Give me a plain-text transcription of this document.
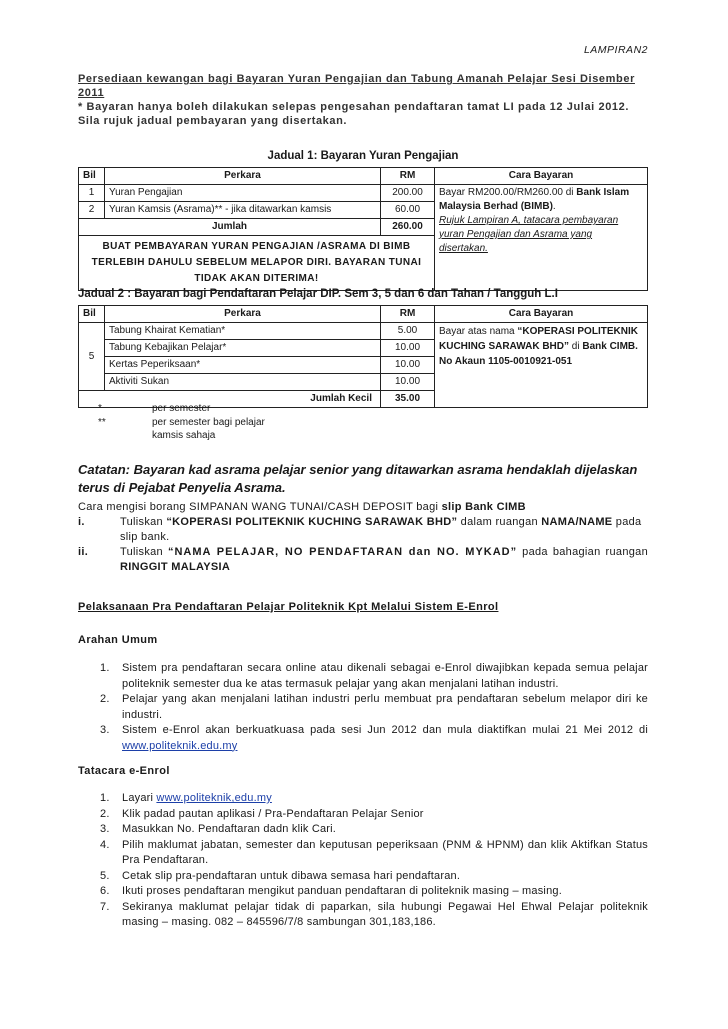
LAMPIRAN2
Persediaan kewangan bagi Bayaran Yuran Pengajian dan Tabung Amanah Pelajar Sesi Disember 2011
* Bayaran hanya boleh dilakukan selepas pengesahan pendaftaran tamat LI pada 12 Julai 2012. Sila rujuk jadual pembayaran yang disertakan.
Jadual 1: Bayaran Yuran Pengajian
Bil	Perkara	RM	Cara Bayaran
1	Yuran Pengajian	200.00	Bayar RM200.00/RM260.00 di Bank Islam Malaysia Berhad (BIMB).
Rujuk Lampiran A, tatacara pembayaran yuran Pengajian dan Asrama yang disertakan.
2	Yuran Kamsis (Asrama)** - jika ditawarkan kamsis	60.00	
Jumlah		260.00	
BUAT PEMBAYARAN YURAN PENGAJIAN /ASRAMA DI BIMB TERLEBIH DAHULU SEBELUM MELAPOR DIRI. BAYARAN TUNAI TIDAK AKAN DITERIMA!			
Jadual 2 : Bayaran bagi Pendaftaran Pelajar DIP. Sem 3, 5 dan 6 dan Tahan / Tangguh L.I
Bil	Perkara	RM	Cara Bayaran
5	Tabung Khairat Kematian*	5.00	Bayar atas nama “KOPERASI POLITEKNIK KUCHING SARAWAK BHD” di Bank CIMB.
No Akaun 1105-0010921-051
	Tabung Kebajikan Pelajar*	10.00	
	Kertas Peperiksaan*	10.00	
	Aktiviti Sukan	10.00	
Jumlah Kecil		35.00	
*	per semester
**	per semester bagi pelajar
kamsis sahaja
Catatan: Bayaran kad asrama pelajar senior yang ditawarkan asrama hendaklah dijelaskan terus di Pejabat Penyelia Asrama.
Cara mengisi borang SIMPANAN WANG TUNAI/CASH DEPOSIT bagi slip Bank CIMB
i.	Tuliskan “KOPERASI POLITEKNIK KUCHING SARAWAK BHD” dalam ruangan NAMA/NAME pada slip bank.
ii.	Tuliskan “NAMA PELAJAR, NO PENDAFTARAN dan NO. MYKAD” pada bahagian ruangan RINGGIT MALAYSIA
Pelaksanaan Pra Pendaftaran Pelajar Politeknik Kpt Melalui Sistem E-Enrol
Arahan Umum
1.	Sistem pra pendaftaran secara online atau dikenali sebagai e-Enrol diwajibkan kepada semua pelajar politeknik semester dua ke atas termasuk pelajar yang akan menjalani latihan industri.
2.	Pelajar yang akan menjalani latihan industri perlu membuat pra pendaftaran sebelum melapor diri ke industri.
3.	Sistem e-Enrol akan berkuatkuasa pada sesi Jun 2012 dan mula diaktifkan mulai 21 Mei 2012 di www.politeknik.edu.my
Tatacara e-Enrol
1.	Layari www.politeknik,edu.my
2.	Klik padad pautan aplikasi / Pra-Pendaftaran Pelajar Senior
3.	Masukkan No. Pendaftaran dadn klik Cari.
4.	Pilih maklumat jabatan, semester dan keputusan peperiksaan (PNM & HPNM) dan klik Aktifkan Status Pra Pendaftaran.
5.	Cetak slip pra-pendaftaran untuk dibawa semasa hari pendaftaran.
6.	Ikuti proses pendaftaran mengikut panduan pendaftaran di politeknik masing – masing.
7.	Sekiranya maklumat pelajar tidak di paparkan, sila hubungi Pegawai Hel Ehwal Pelajar politeknik masing – masing. 082 – 845596/7/8 sambungan 301,183,186.
